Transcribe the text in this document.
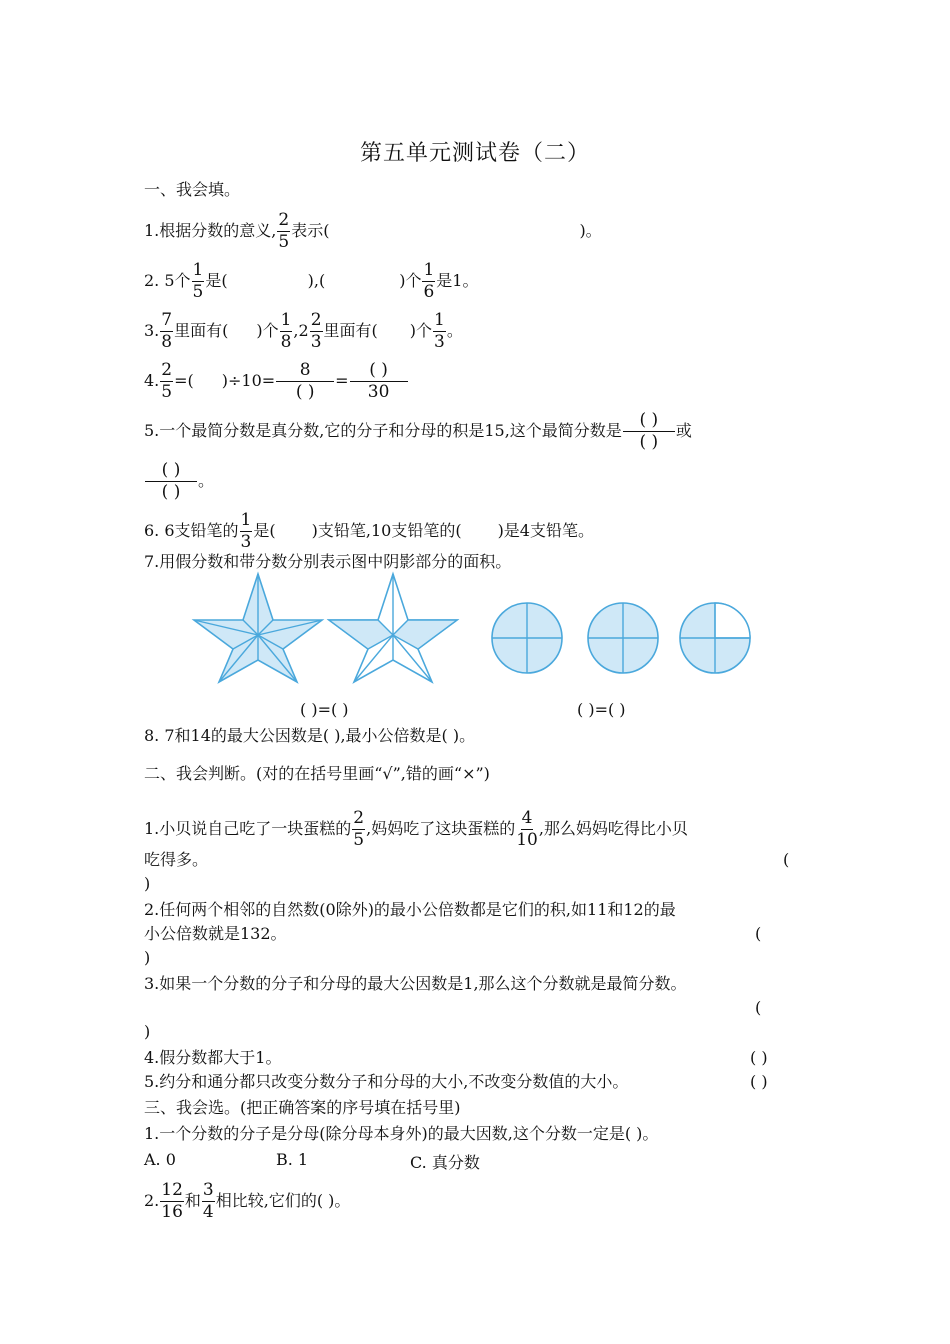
第五单元测试卷（二）
一、我会填。
1.根据分数的意义, $\frac{2}{5}$ 表示(	)。
2. 5个 $\frac{1}{5}$ 是(	),(	)个 $\frac{1}{6}$ 是1。
3. $\frac{7}{8}$ 里面有( )个 $\frac{1}{8} ,2 \frac{2}{3}$ 里面有( )个 $\frac{1}{3}$ 。
4. $\frac{2}{5}$ =( )$\div 10= \frac{8}{( )} = \frac{( )}{30}$
5.一个最简分数是真分数,它的分子和分母的积是15,这个最简分数是 $\frac{( )}{( )}$ 或
$\frac{( )}{( )}$ 。
6. 6支铅笔的 $\frac{1}{3}$ 是( )支铅笔,10支铅笔的( )是4支铅笔。
7.用假分数和带分数分别表示图中阴影部分的面积。
( )=( )	( )=( )
8. 7和14的最大公因数是( ),最小公倍数是( )。
二、我会判断。(对的在括号里画“√”,错的画“×”)
1.小贝说自己吃了一块蛋糕的 $\frac{2}{5}$ ,妈妈吃了这块蛋糕的 $\frac{4}{10}$ ,那么妈妈吃得比小贝
吃得多。	(
)
2.任何两个相邻的自然数(0除外)的最小公倍数都是它们的积,如11和12的最
小公倍数就是132。	(
)
3.如果一个分数的分子和分母的最大公因数是1,那么这个分数就是最简分数。
(
)
4.假分数都大于1。	( )
5.约分和通分都只改变分数分子和分母的大小,不改变分数值的大小。	( )
三、我会选。(把正确答案的序号填在括号里)
1.一个分数的分子是分母(除分母本身外)的最大因数,这个分数一定是( )。
A. 0	B. 1	C. 真分数
2. $\frac{12}{16}$ 和 $\frac{3}{4}$ 相比较,它们的( )。
